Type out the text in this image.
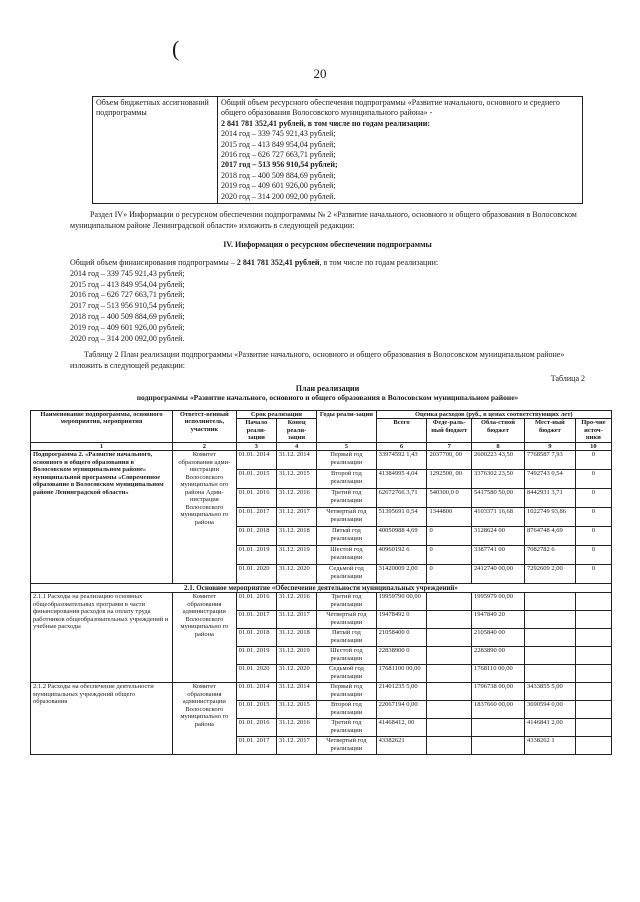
(
20
Объем бюджетных ассигнований подпрограммы	
Общий объем ресурсного обеспечения подпрограммы «Развитие начального, основного и среднего общего образования Волосовского муниципального района» -
2 841 781 352,41 рублей, в том числе по годам реализации:
2014 год – 339 745 921,43 рублей;
2015 год – 413 849 954,04 рублей;
2016 год – 626 727 663,71 рублей;
2017 год – 513 956 910,54 рублей;
2018 год – 400 509 884,69 рублей;
2019 год – 409 601 926,00 рублей;
2020 год – 314 200 092,00 рублей.
Раздел IV» Информации о ресурсном обеспечении подпрограммы № 2 «Развитие начального, основного и общего образования в Волосовском муниципальном районе Ленинградской области» изложить в следующей редакции:
IV. Информация о ресурсном обеспечении подпрограммы
Общий объем финансирования подпрограммы – 2 841 781 352,41 рублей, в том числе по годам реализации:
2014 год – 339 745 921,43 рублей;
2015 год – 413 849 954,04 рублей;
2016 год – 626 727 663,71 рублей;
2017 год – 513 956 910,54 рублей;
2018 год – 400 509 884,69 рублей;
2019 год – 409 601 926,00 рублей;
2020 год – 314 200 092,00 рублей.
Таблицу 2 План реализации подпрограммы «Развитие начального, основного и общего образования в Волосовском муниципальном районе» изложить в следующей редакции:
Таблица 2
План реализации
подпрограммы «Развитие начального, основного и общего образования в Волосовском муниципальном районе»
Наименование подпрограммы, основного мероприятия, мероприятия	Ответст-венный исполнитель, участник	Срок реализации		Годы реали-зации	Оценка расходов (руб., в ценах соответствующих лет)				
		Начало реали-зации	Конец реали-зации		Всего	Феде-раль-ный бюджет	Обла-стной бюджет	Мест-ный бюджет	Про-чие источ-ники
1	2	3	4	5	6	7	8	9	10
Подпрограмма 2. «Развитие начального, основного и общего образования в Волосовском муниципальном районе» муниципальной программы «Современное образование в Волосовском муниципальном районе Ленинградской области»	Комитет образования адми-нистрации Волосовского муниципальн ого района Адми-нистрация Волосовского муниципально го района	01.01. 2014	31.12. 2014	Первый год реализации	33974592 1,43	2037700, 00	2600223 43,50	7768587 7,93	0
		01.01. 2015	31.12. 2015	Второй год реализации	41384995 4,04	1292500, 00	3376302 23,50	7492743 0,54	0
		01.01. 2016	31.12. 2016	Третий год реализации	62672766 3,71	540300,0 0	5417580 50,00	8442931 3,71	0
		01.01. 2017	31.12. 2017	Четвертый год реализации	51395691 0,54	1344800	4103371 16,68	1022749 93,86	0
		01.01. 2018	31.12. 2018	Пятый год реализации	40050988 4,69	0	3128624 00	8764748 4,69	0
		01.01. 2019	31.12. 2019	Шестой год реализации	40960192 6	0	3387741 00	7082782 6	0
		01.01. 2020	31.12. 2020	Седьмой год реализации	31420009 2,00	0	2412740 00,00	7292609 2,00	0
2.1. Основное мероприятие «Обеспечение деятельности муниципальных учреждений»									
2.1.1 Расходы на реализацию основных общеобразовательных программ в части финансирования расходов на оплату труда работников общеобразовательных учреждений и учебные расходы	Комитет образования администрации Волосовского муниципально го района	01.01. 2016	31.12. 2016	Третий год реализации	19959790 00,00		1995979 00,00		
		01.01. 2017	31.12. 2017	Четвертый год реализации	19478492 0		1947849 20		
		01.01. 2018	31.12. 2018	Пятый год реализации	21058400 0		2105840 00		
		01.01. 2019	31.12. 2019	Шестой год реализации	22838900 0		2283890 00		
		01.01. 2020	31.12. 2020	Седьмой год реализации	17681100 00,00		1768110 00,00		
2.1.2 Расходы на обеспечение деятельности муниципальных учреждений общего образования	Комитет образования администрации Волосовского муниципально го района	01.01. 2014	31.12. 2014	Первый год реализации	21401235 5,00		1796738 00,00	3433855 5,00	
		01.01. 2015	31.12. 2015	Второй год реализации	22067194 0,00		1837660 00,00	3690594 0,00	
		01.01. 2016	31.12. 2016	Третий год реализации	41468412, 00			4146841 2,00	
		01.01. 2017	31.12. 2017	Четвертый год реализации	43382621			4338262 1	
